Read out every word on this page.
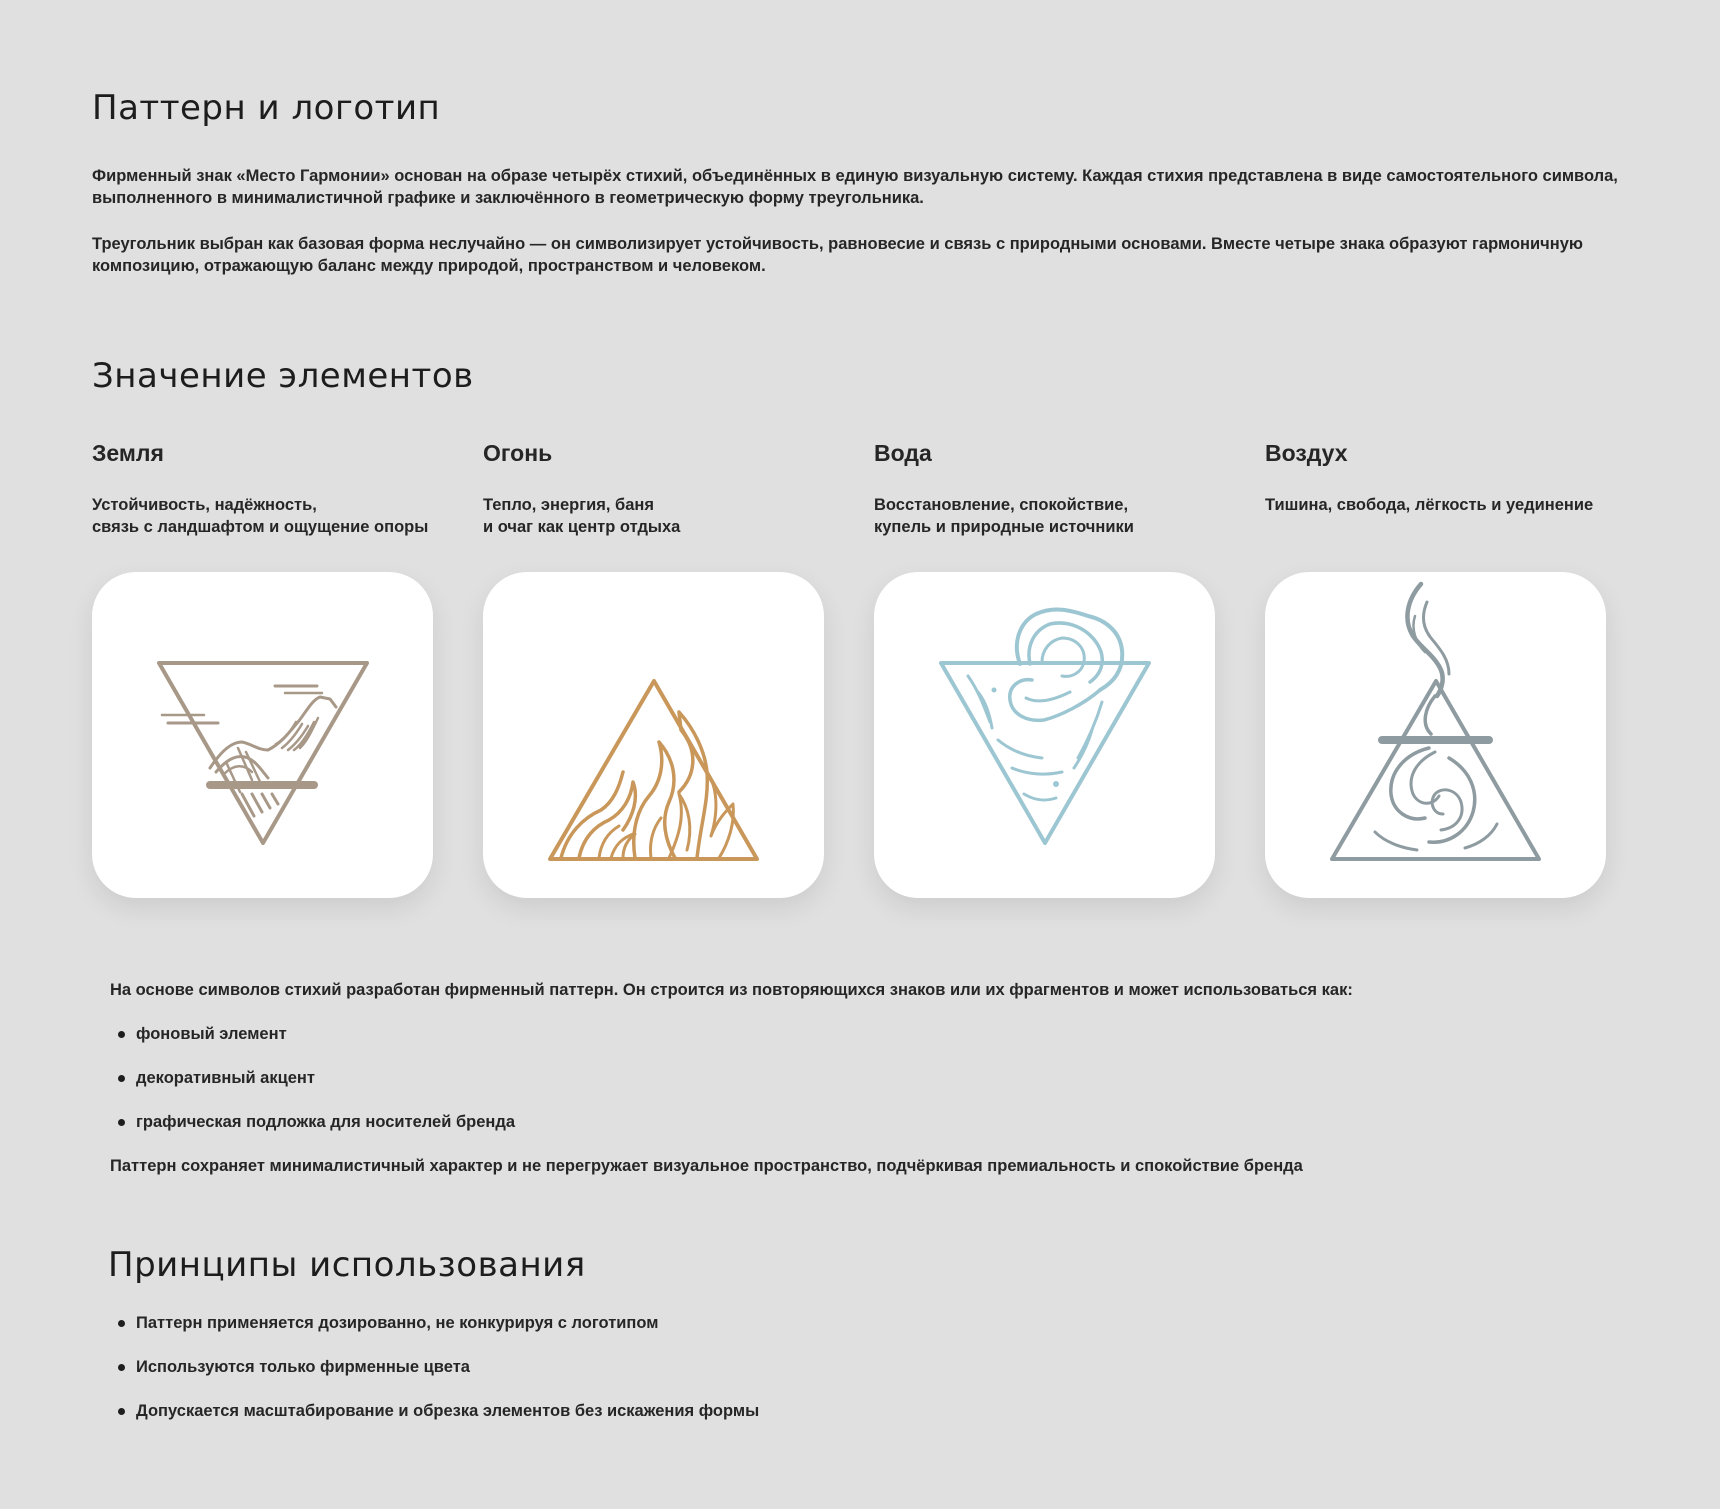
Паттерн и логотип

Фирменный знак «Место Гармонии» основан на образе четырёх стихий, объединённых в единую визуальную систему. Каждая стихия представлена в виде самостоятельного символа, выполненного в минималистичной графике и заключённого в геометрическую форму треугольника.

Треугольник выбран как базовая форма неслучайно — он символизирует устойчивость, равновесие и связь с природными основами. Вместе четыре знака образуют гармоничную композицию, отражающую баланс между природой, пространством и человеком.

Значение элементов
Земля
Устойчивость, надёжность,
связь с ландшафтом и ощущение опоры
Огонь
Тепло, энергия, баня
и очаг как центр отдыха
Вода
Восстановление, спокойствие,
купель и природные источники
Воздух
Тишина, свобода, лёгкость и уединение

На основе символов стихий разработан фирменный паттерн. Он строится из повторяющихся знаков или их фрагментов и может использоваться как:

фоновый элемент
декоративный акцент
графическая подложка для носителей бренда

Паттерн сохраняет минималистичный характер и не перегружает визуальное пространство, подчёркивая премиальность и спокойствие бренда

Принципы использования
Паттерн применяется дозированно, не конкурируя с логотипом
Используются только фирменные цвета
Допускается масштабирование и обрезка элементов без искажения формы
